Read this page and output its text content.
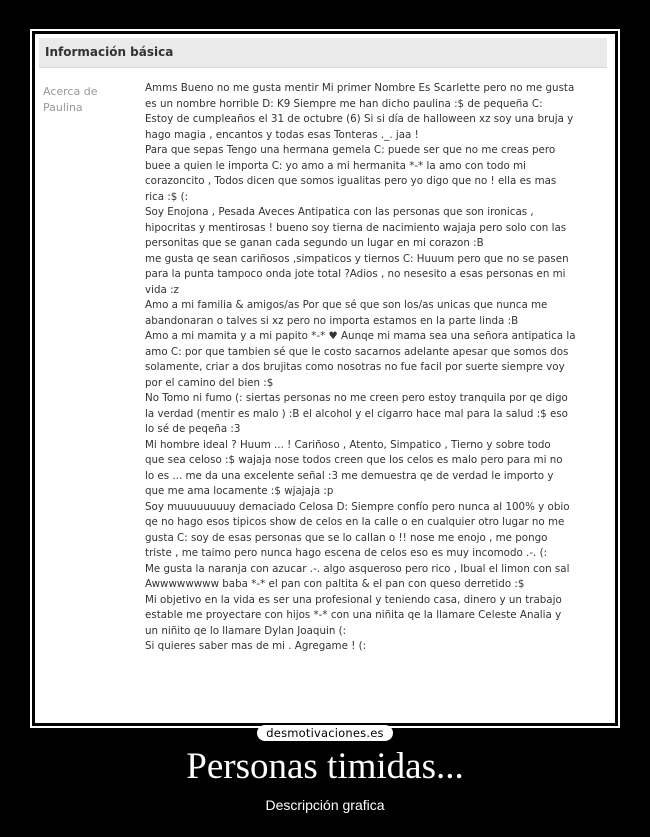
Información básica
Acerca de
Paulina
Amms Bueno no me gusta mentir Mi primer Nombre Es Scarlette pero no me gusta
es un nombre horrible D: K9 Siempre me han dicho paulina :$ de pequeña C:
Estoy de cumpleaños el 31 de octubre (6) Si si día de halloween xz soy una bruja y
hago magia , encantos y todas esas Tonteras ._. jaa !
Para que sepas Tengo una hermana gemela C: puede ser que no me creas pero
buee a quien le importa C: yo amo a mi hermanita *-* la amo con todo mi
corazoncito , Todos dicen que somos igualitas pero yo digo que no ! ella es mas
rica :$ (:
Soy Enojona , Pesada Aveces Antipatica con las personas que son ironicas ,
hipocritas y mentirosas ! bueno soy tierna de nacimiento wajaja pero solo con las
personitas que se ganan cada segundo un lugar en mi corazon :B
me gusta qe sean cariñosos ,simpaticos y tiernos C: Huuum pero que no se pasen
para la punta tampoco onda jote total ?Adios , no nesesito a esas personas en mi
vida :z
Amo a mi familia & amigos/as Por que sé que son los/as unicas que nunca me
abandonaran o talves si xz pero no importa estamos en la parte linda :B
Amo a mi mamita y a mi papito *-* ♥ Aunqe mi mama sea una señora antipatica la
amo C: por que tambien sé que le costo sacarnos adelante apesar que somos dos
solamente, criar a dos brujitas como nosotras no fue facil por suerte siempre voy
por el camino del bien :$
No Tomo ni fumo (: siertas personas no me creen pero estoy tranquila por qe digo
la verdad (mentir es malo ) :B el alcohol y el cigarro hace mal para la salud :$ eso
lo sé de peqeña :3
Mi hombre ideal ? Huum ... ! Cariñoso , Atento, Simpatico , Tierno y sobre todo
que sea celoso :$ wajaja nose todos creen que los celos es malo pero para mi no
lo es ... me da una excelente señal :3 me demuestra qe de verdad le importo y
que me ama locamente :$ wjajaja :p
Soy muuuuuuuuy demaciado Celosa D: Siempre confío pero nunca al 100% y obio
qe no hago esos tipicos show de celos en la calle o en cualquier otro lugar no me
gusta C: soy de esas personas que se lo callan o !! nose me enojo , me pongo
triste , me taimo pero nunca hago escena de celos eso es muy incomodo .-. (:
Me gusta la naranja con azucar .-. algo asqueroso pero rico , Ibual el limon con sal
Awwwwwwww baba *-* el pan con paltita & el pan con queso derretido :$
Mi objetivo en la vida es ser una profesional y teniendo casa, dinero y un trabajo
estable me proyectare con hijos *-* con una niñita qe la llamare Celeste Analia y
un niñito qe lo llamare Dylan Joaquin (:
Si quieres saber mas de mi . Agregame ! (:
desmotivaciones.es
Personas timidas...
Descripción grafica
